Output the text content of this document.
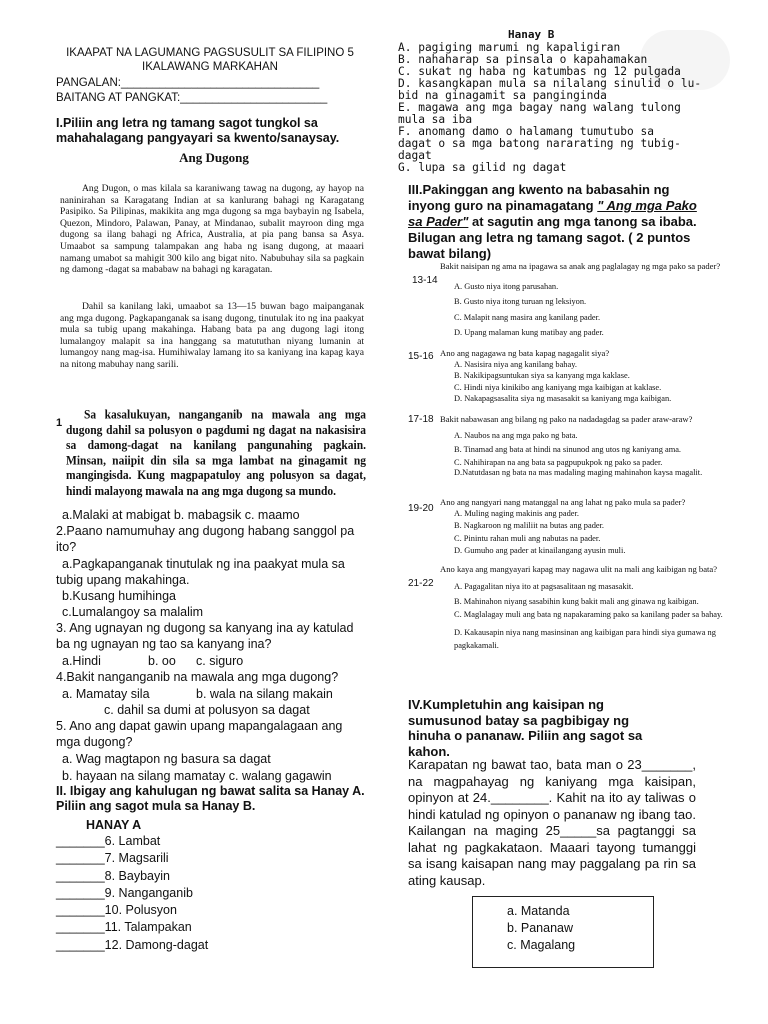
IKAAPAT NA LAGUMANG PAGSUSULIT SA FILIPINO 5
IKALAWANG MARKAHAN
PANGALAN:_______________________________
BAITANG AT PANGKAT:_______________________
I.Piliin ang letra ng tamang sagot tungkol sa mahahalagang pangyayari sa kwento/sanaysay.
Ang Dugong
Ang Dugon, o mas kilala sa karaniwang tawag na dugong, ay hayop na naninirahan sa Karagatang Indian at sa kanlurang bahagi ng Karagatang Pasipiko. Sa Pilipinas, makikita ang mga dugong sa mga baybayin ng Isabela, Quezon, Mindoro, Palawan, Panay, at Mindanao, subalit mayroon ding mga dugong sa ilang bahagi ng Africa, Australia, at pia pang bansa sa Asya. Umaabot sa sampung talampakan ang haba ng isang dugong, at maaari namang umabot sa mahigit 300 kilo ang bigat nito. Nabubuhay sila sa pagkain ng damong -dagat sa mababaw na bahagi ng karagatan.
Dahil sa kanilang laki, umaabot sa 13—15 buwan bago maipanganak ang mga dugong. Pagkapanganak sa isang dugong, tinutulak ito ng ina paakyat mula sa tubig upang makahinga. Habang bata pa ang dugong lagi itong lumalangoy malapit sa ina hanggang sa matututhan niyang lumanin at lumangoy nang mag-isa. Humihiwalay lamang ito sa kaniyang ina kapag kaya na nitong mabuhay nang sarili.
1
Sa kasalukuyan, nanganganib na mawala ang mga dugong dahil sa polusyon o pagdumi ng dagat na nakasisira sa damong-dagat na kanilang pangunahing pagkain. Minsan, naiipit din sila sa mga lambat na ginagamit ng mangingisda. Kung magpapatuloy ang polusyon sa dagat, hindi malayong mawala na ang mga dugong sa mundo.
a.Malaki at mabigat b. mabagsik c. maamo
2.Paano namumuhay ang dugong habang sanggol pa ito?
a.Pagkapanganak tinutulak ng ina paakyat mula sa tubig upang makahinga.
b.Kusang humihinga
c.Lumalangoy sa malalim
3. Ang ugnayan ng dugong sa kanyang ina ay katulad ba ng ugnayan ng tao sa kanyang ina?
a.Hindi	b. oo c. siguro
4.Bakit nanganganib na mawala ang mga dugong?
a. Mamatay sila	b. wala na silang makain
c. dahil sa dumi at polusyon sa dagat
5. Ano ang dapat gawin upang mapangalagaan ang mga dugong?
a. Wag magtapon ng basura sa dagat
b. hayaan na silang mamatay c. walang gagawin
II. Ibigay ang kahulugan ng bawat salita sa Hanay A. Piliin ang sagot mula sa Hanay B.
HANAY A
_______6. Lambat
_______7. Magsarili
_______8. Baybayin
_______9. Nanganganib
_______10. Polusyon
_______11. Talampakan
_______12. Damong-dagat
Hanay B
A. pagiging marumi ng kapaligiran
B. nahaharap sa pinsala o kapahamakan
C. sukat ng haba ng katumbas ng 12 pulgada
D. kasangkapan mula sa nilalang sinulid o lu-
bid na ginagamit sa panginginda
E. magawa ang mga bagay nang walang tulong
mula sa iba
F. anomang damo o halamang tumutubo sa
dagat o sa mga batong nararating ng tubig-
dagat
G. lupa sa gilid ng dagat
III.Pakinggan ang kwento na babasahin ng inyong guro na pinamagatang " Ang mga Pako sa Pader" at sagutin ang mga tanong sa ibaba. Bilugan ang letra ng tamang sagot. ( 2 puntos bawat bilang)
13-14
Bakit naisipan ng ama na ipagawa sa anak ang paglalagay ng mga pako sa pader?
A. Gusto niya itong parusahan.
B. Gusto niya itong turuan ng leksiyon.
C. Malapit nang masira ang kanilang pader.
D. Upang malaman kung matibay ang pader.
15-16 Ano ang nagagawa ng bata kapag nagagalit siya?
A. Nasisira niya ang kanilang bahay.
B. Nakikipagsuntukan siya sa kanyang mga kaklase.
C. Hindi niya kinikibo ang kaniyang mga kaibigan at kaklase.
D. Nakapagsasalita siya ng masasakit sa kaniyang mga kaibigan.
17-18 Bakit nabawasan ang bilang ng pako na nadadagdag sa pader araw-araw?
A. Naubos na ang mga pako ng bata.
B. Tinamad ang bata at hindi na sinunod ang utos ng kaniyang ama.
C. Nahihirapan na ang bata sa pagpupukpok ng pako sa pader.
D.Natutdasan ng bata na mas madaling maging mahinahon kaysa magalit.
19-20
Ano ang nangyari nang matanggal na ang lahat ng pako mula sa pader?
A. Muling naging makinis ang pader.
B. Nagkaroon ng maliliit na butas ang pader.
C. Pinintu rahan muli ang nabutas na pader.
D. Gumuho ang pader at kinailangang ayusin muli.
21-22
Ano kaya ang mangyayari kapag may nagawa ulit na mali ang kaibigan ng bata?
A. Pagagalitan niya ito at pagsasalitaan ng masasakit.
B. Mahinahon niyang sasabihin kung bakit mali ang ginawa ng kaibigan.
C. Maglalagay muli ang bata ng napakaraming pako sa kanilang pader sa bahay.
D. Kakausapin niya nang masinsinan ang kaibigan para hindi siya gumawa ng pagkakamali.
IV.Kumpletuhin ang kaisipan ng sumusunod batay sa pagbibigay ng hinuha o pananaw. Piliin ang sagot sa kahon.
Karapatan ng bawat tao, bata man o 23_______, na magpahayag ng kaniyang mga kaisipan, opinyon at 24.________. Kahit na ito ay taliwas o hindi katulad ng opinyon o pananaw ng ibang tao. Kailangan na maging 25_____sa pagtanggi sa lahat ng pagkakataon. Maaari tayong tumanggi sa isang kaisapan nang may paggalang pa rin sa ating kausap.
a. Matanda
b. Pananaw
c. Magalang
